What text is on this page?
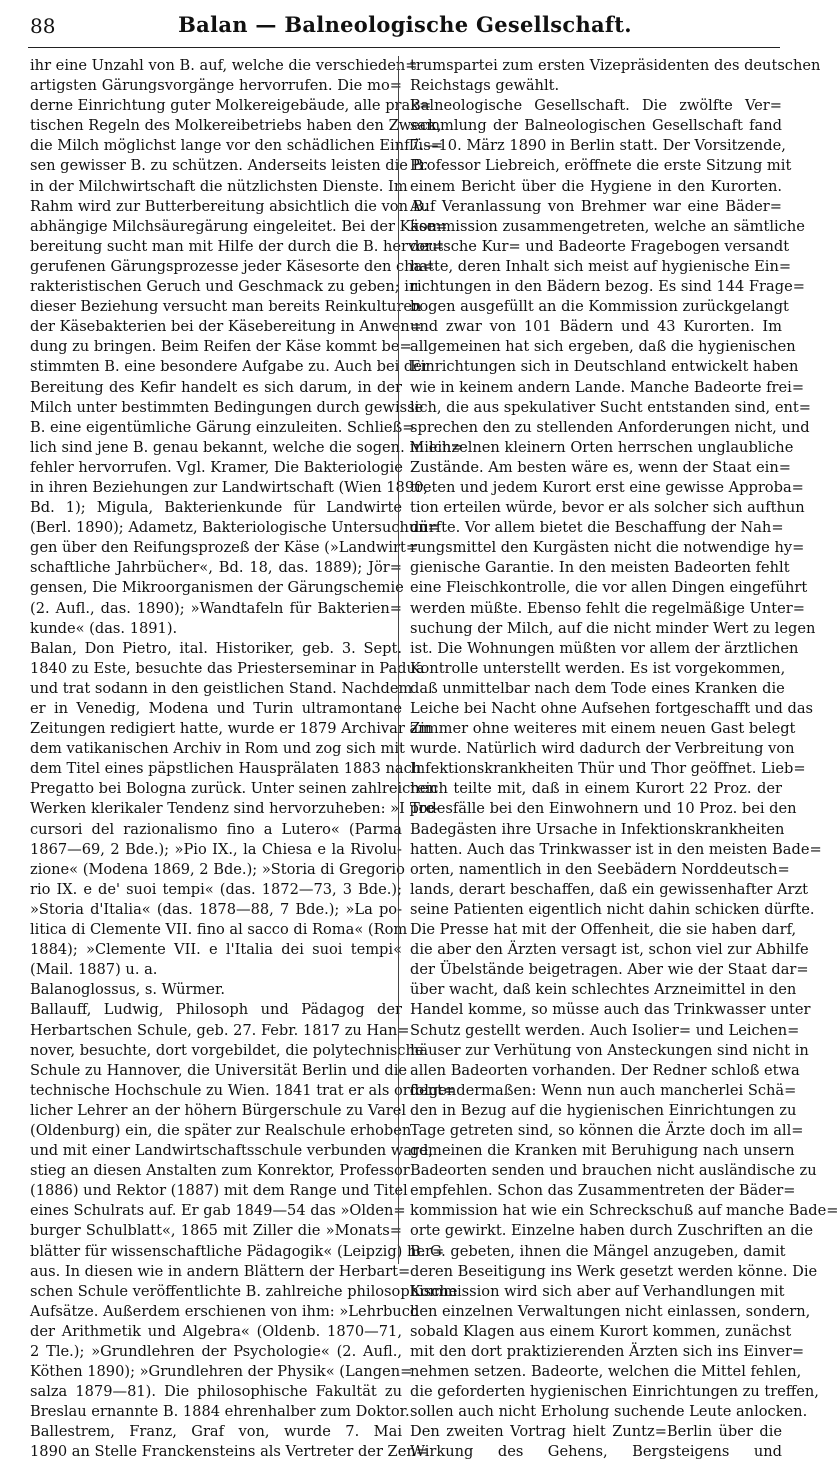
88	Balan — Balneologische Gesellschaft.
ihr eine Unzahl von B. auf, welche die verschieden=
artigsten Gärungsvorgänge hervorrufen. Die mo=
derne Einrichtung guter Molkereigebäude, alle prak=
tischen Regeln des Molkereibetriebs haben den Zweck,
die Milch möglichst lange vor den schädlichen Einflüs=
sen gewisser B. zu schützen. Anderseits leisten die B.
in der Milchwirtschaft die nützlichsten Dienste. Im
Rahm wird zur Butterbereitung absichtlich die von B.
abhängige Milchsäuregärung eingeleitet. Bei der Käse=
bereitung sucht man mit Hilfe der durch die B. hervor=
gerufenen Gärungsprozesse jeder Käsesorte den cha=
rakteristischen Geruch und Geschmack zu geben; in
dieser Beziehung versucht man bereits Reinkulturen
der Käsebakterien bei der Käsebereitung in Anwen=
dung zu bringen. Beim Reifen der Käse kommt be=
stimmten B. eine besondere Aufgabe zu. Auch bei der
Bereitung des Kefir handelt es sich darum, in der
Milch unter bestimmten Bedingungen durch gewisse
B. eine eigentümliche Gärung einzuleiten. Schließ=
lich sind jene B. genau bekannt, welche die sogen. Milch=
fehler hervorrufen. Vgl. Kramer, Die Bakteriologie
in ihren Beziehungen zur Landwirtschaft (Wien 1890,
Bd. 1); Migula, Bakterienkunde für Landwirte
(Berl. 1890); Adametz, Bakteriologische Untersuchun=
gen über den Reifungsprozeß der Käse (»Landwirt=
schaftliche Jahrbücher«, Bd. 18, das. 1889); Jör=
gensen, Die Mikroorganismen der Gärungschemie
(2. Aufl., das. 1890); »Wandtafeln für Bakterien=
kunde« (das. 1891).
Balan, Don Pietro, ital. Historiker, geb. 3. Sept.
1840 zu Este, besuchte das Priesterseminar in Padua
und trat sodann in den geistlichen Stand. Nachdem
er in Venedig, Modena und Turin ultramontane
Zeitungen redigiert hatte, wurde er 1879 Archivar am
dem vatikanischen Archiv in Rom und zog sich mit
dem Titel eines päpstlichen Hausprälaten 1883 nach
Pregatto bei Bologna zurück. Unter seinen zahlreichen
Werken klerikaler Tendenz sind hervorzuheben: »I pre-
cursori del razionalismo fino a Lutero« (Parma
1867—69, 2 Bde.); »Pio IX., la Chiesa e la Rivolu-
zione« (Modena 1869, 2 Bde.); »Storia di Gregorio
rio IX. e de' suoi tempi« (das. 1872—73, 3 Bde.);
»Storia d'Italia« (das. 1878—88, 7 Bde.); »La po-
litica di Clemente VII. fino al sacco di Roma« (Rom
1884); »Clemente VII. e l'Italia dei suoi tempi«
(Mail. 1887) u. a.
Balanoglossus, s. Würmer.
Ballauff, Ludwig, Philosoph und Pädagog der
Herbartschen Schule, geb. 27. Febr. 1817 zu Han=
nover, besuchte, dort vorgebildet, die polytechnische
Schule zu Hannover, die Universität Berlin und die
technische Hochschule zu Wien. 1841 trat er als ordent=
licher Lehrer an der höhern Bürgerschule zu Varel
(Oldenburg) ein, die später zur Realschule erhoben
und mit einer Landwirtschaftsschule verbunden ward,
stieg an diesen Anstalten zum Konrektor, Professor
(1886) und Rektor (1887) mit dem Range und Titel
eines Schulrats auf. Er gab 1849—54 das »Olden=
burger Schulblatt«, 1865 mit Ziller die »Monats=
blätter für wissenschaftliche Pädagogik« (Leipzig) her=
aus. In diesen wie in andern Blättern der Herbart=
schen Schule veröffentlichte B. zahlreiche philosophische
Aufsätze. Außerdem erschienen von ihm: »Lehrbuch
der Arithmetik und Algebra« (Oldenb. 1870—71,
2 Tle.); »Grundlehren der Psychologie« (2. Aufl.,
Köthen 1890); »Grundlehren der Physik« (Langen=
salza 1879—81). Die philosophische Fakultät zu
Breslau ernannte B. 1884 ehrenhalber zum Doktor.
Ballestrem, Franz, Graf von, wurde 7. Mai
1890 an Stelle Franckensteins als Vertreter der Zen=
trumspartei zum ersten Vizepräsidenten des deutschen
Reichstags gewählt.
Balneologische Gesellschaft. Die zwölfte Ver=
sammlung der Balneologischen Gesellschaft fand
7.—10. März 1890 in Berlin statt. Der Vorsitzende,
Professor Liebreich, eröffnete die erste Sitzung mit
einem Bericht über die Hygiene in den Kurorten.
Auf Veranlassung von Brehmer war eine Bäder=
kommission zusammengetreten, welche an sämtliche
deutsche Kur= und Badeorte Fragebogen versandt
hatte, deren Inhalt sich meist auf hygienische Ein=
richtungen in den Bädern bezog. Es sind 144 Frage=
bogen ausgefüllt an die Kommission zurückgelangt
und zwar von 101 Bädern und 43 Kurorten. Im
allgemeinen hat sich ergeben, daß die hygienischen
Einrichtungen sich in Deutschland entwickelt haben
wie in keinem andern Lande. Manche Badeorte frei=
lich, die aus spekulativer Sucht entstanden sind, ent=
sprechen den zu stellenden Anforderungen nicht, und
in einzelnen kleinern Orten herrschen unglaubliche
Zustände. Am besten wäre es, wenn der Staat ein=
treten und jedem Kurort erst eine gewisse Approba=
tion erteilen würde, bevor er als solcher sich aufthun
dürfte. Vor allem bietet die Beschaffung der Nah=
rungsmittel den Kurgästen nicht die notwendige hy=
gienische Garantie. In den meisten Badeorten fehlt
eine Fleischkontrolle, die vor allen Dingen eingeführt
werden müßte. Ebenso fehlt die regelmäßige Unter=
suchung der Milch, auf die nicht minder Wert zu legen
ist. Die Wohnungen müßten vor allem der ärztlichen
Kontrolle unterstellt werden. Es ist vorgekommen,
daß unmittelbar nach dem Tode eines Kranken die
Leiche bei Nacht ohne Aufsehen fortgeschafft und das
Zimmer ohne weiteres mit einem neuen Gast belegt
wurde. Natürlich wird dadurch der Verbreitung von
Infektionskrankheiten Thür und Thor geöffnet. Lieb=
reich teilte mit, daß in einem Kurort 22 Proz. der
Todesfälle bei den Einwohnern und 10 Proz. bei den
Badegästen ihre Ursache in Infektionskrankheiten
hatten. Auch das Trinkwasser ist in den meisten Bade=
orten, namentlich in den Seebädern Norddeutsch=
lands, derart beschaffen, daß ein gewissenhafter Arzt
seine Patienten eigentlich nicht dahin schicken dürfte.
Die Presse hat mit der Offenheit, die sie haben darf,
die aber den Ärzten versagt ist, schon viel zur Abhilfe
der Übelstände beigetragen. Aber wie der Staat dar=
über wacht, daß kein schlechtes Arzneimittel in den
Handel komme, so müsse auch das Trinkwasser unter
Schutz gestellt werden. Auch Isolier= und Leichen=
häuser zur Verhütung von Ansteckungen sind nicht in
allen Badeorten vorhanden. Der Redner schloß etwa
folgendermaßen: Wenn nun auch mancherlei Schä=
den in Bezug auf die hygienischen Einrichtungen zu
Tage getreten sind, so können die Ärzte doch im all=
gemeinen die Kranken mit Beruhigung nach unsern
Badeorten senden und brauchen nicht ausländische zu
empfehlen. Schon das Zusammentreten der Bäder=
kommission hat wie ein Schreckschuß auf manche Bade=
orte gewirkt. Einzelne haben durch Zuschriften an die
B. G. gebeten, ihnen die Mängel anzugeben, damit
deren Beseitigung ins Werk gesetzt werden könne. Die
Kommission wird sich aber auf Verhandlungen mit
den einzelnen Verwaltungen nicht einlassen, sondern,
sobald Klagen aus einem Kurort kommen, zunächst
mit den dort praktizierenden Ärzten sich ins Einver=
nehmen setzen. Badeorte, welchen die Mittel fehlen,
die geforderten hygienischen Einrichtungen zu treffen,
sollen auch nicht Erholung suchende Leute anlocken.
Den zweiten Vortrag hielt Zuntz=Berlin über die
Wirkung des Gehens, Bergsteigens und
